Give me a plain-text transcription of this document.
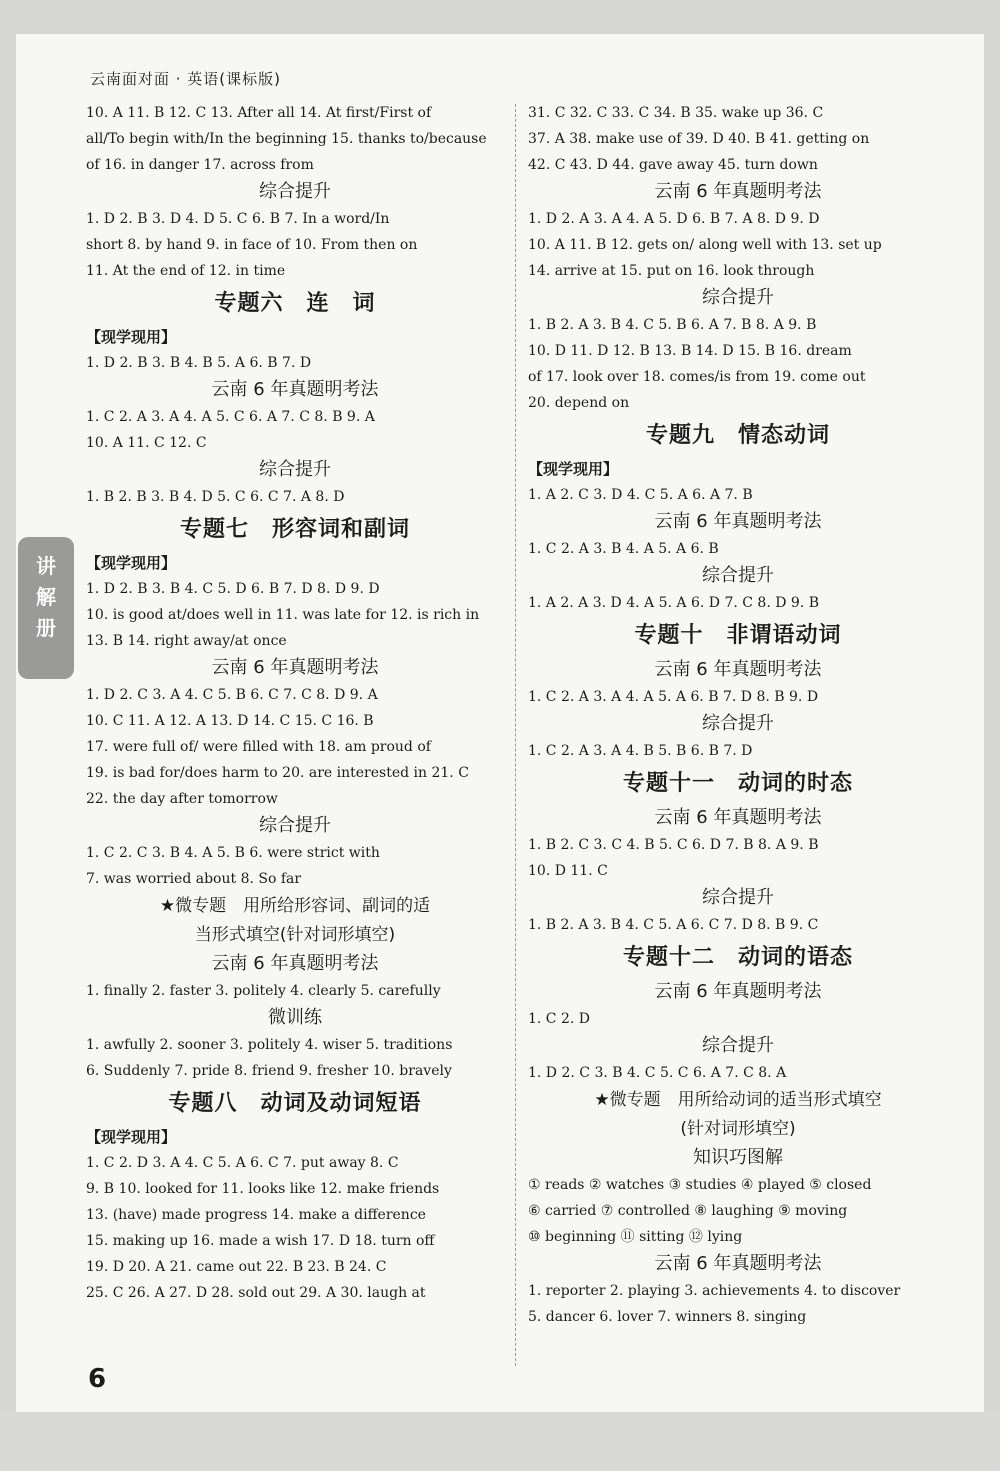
云南面对面 · 英语(课标版)
10. A 11. B 12. C 13. After all 14. At first/First of
all/To begin with/In the beginning 15. thanks to/because
of 16. in danger 17. across from
综合提升
1. D 2. B 3. D 4. D 5. C 6. B 7. In a word/In
short 8. by hand 9. in face of 10. From then on
11. At the end of 12. in time
专题六　连　词
【现学现用】
1. D 2. B 3. B 4. B 5. A 6. B 7. D
云南 6 年真题明考法
1. C 2. A 3. A 4. A 5. C 6. A 7. C 8. B 9. A
10. A 11. C 12. C
综合提升
1. B 2. B 3. B 4. D 5. C 6. C 7. A 8. D
专题七　形容词和副词
【现学现用】
1. D 2. B 3. B 4. C 5. D 6. B 7. D 8. D 9. D
10. is good at/does well in 11. was late for 12. is rich in
13. B 14. right away/at once
云南 6 年真题明考法
1. D 2. C 3. A 4. C 5. B 6. C 7. C 8. D 9. A
10. C 11. A 12. A 13. D 14. C 15. C 16. B
17. were full of/ were filled with 18. am proud of
19. is bad for/does harm to 20. are interested in 21. C
22. the day after tomorrow
综合提升
1. C 2. C 3. B 4. A 5. B 6. were strict with
7. was worried about 8. So far
★微专题　用所给形容词、副词的适
当形式填空(针对词形填空)
云南 6 年真题明考法
1. finally 2. faster 3. politely 4. clearly 5. carefully
微训练
1. awfully 2. sooner 3. politely 4. wiser 5. traditions
6. Suddenly 7. pride 8. friend 9. fresher 10. bravely
专题八　动词及动词短语
【现学现用】
1. C 2. D 3. A 4. C 5. A 6. C 7. put away 8. C
9. B 10. looked for 11. looks like 12. make friends
13. (have) made progress 14. make a difference
15. making up 16. made a wish 17. D 18. turn off
19. D 20. A 21. came out 22. B 23. B 24. C
25. C 26. A 27. D 28. sold out 29. A 30. laugh at
31. C 32. C 33. C 34. B 35. wake up 36. C
37. A 38. make use of 39. D 40. B 41. getting on
42. C 43. D 44. gave away 45. turn down
云南 6 年真题明考法
1. D 2. A 3. A 4. A 5. D 6. B 7. A 8. D 9. D
10. A 11. B 12. gets on/ along well with 13. set up
14. arrive at 15. put on 16. look through
综合提升
1. B 2. A 3. B 4. C 5. B 6. A 7. B 8. A 9. B
10. D 11. D 12. B 13. B 14. D 15. B 16. dream
of 17. look over 18. comes/is from 19. come out
20. depend on
专题九　情态动词
【现学现用】
1. A 2. C 3. D 4. C 5. A 6. A 7. B
云南 6 年真题明考法
1. C 2. A 3. B 4. A 5. A 6. B
综合提升
1. A 2. A 3. D 4. A 5. A 6. D 7. C 8. D 9. B
专题十　非谓语动词
云南 6 年真题明考法
1. C 2. A 3. A 4. A 5. A 6. B 7. D 8. B 9. D
综合提升
1. C 2. A 3. A 4. B 5. B 6. B 7. D
专题十一　动词的时态
云南 6 年真题明考法
1. B 2. C 3. C 4. B 5. C 6. D 7. B 8. A 9. B
10. D 11. C
综合提升
1. B 2. A 3. B 4. C 5. A 6. C 7. D 8. B 9. C
专题十二　动词的语态
云南 6 年真题明考法
1. C 2. D
综合提升
1. D 2. C 3. B 4. C 5. C 6. A 7. C 8. A
★微专题　用所给动词的适当形式填空
(针对词形填空)
知识巧图解
① reads ② watches ③ studies ④ played ⑤ closed
⑥ carried ⑦ controlled ⑧ laughing ⑨ moving
⑩ beginning ⑪ sitting ⑫ lying
云南 6 年真题明考法
1. reporter 2. playing 3. achievements 4. to discover
5. dancer 6. lover 7. winners 8. singing
讲
解
册
6
